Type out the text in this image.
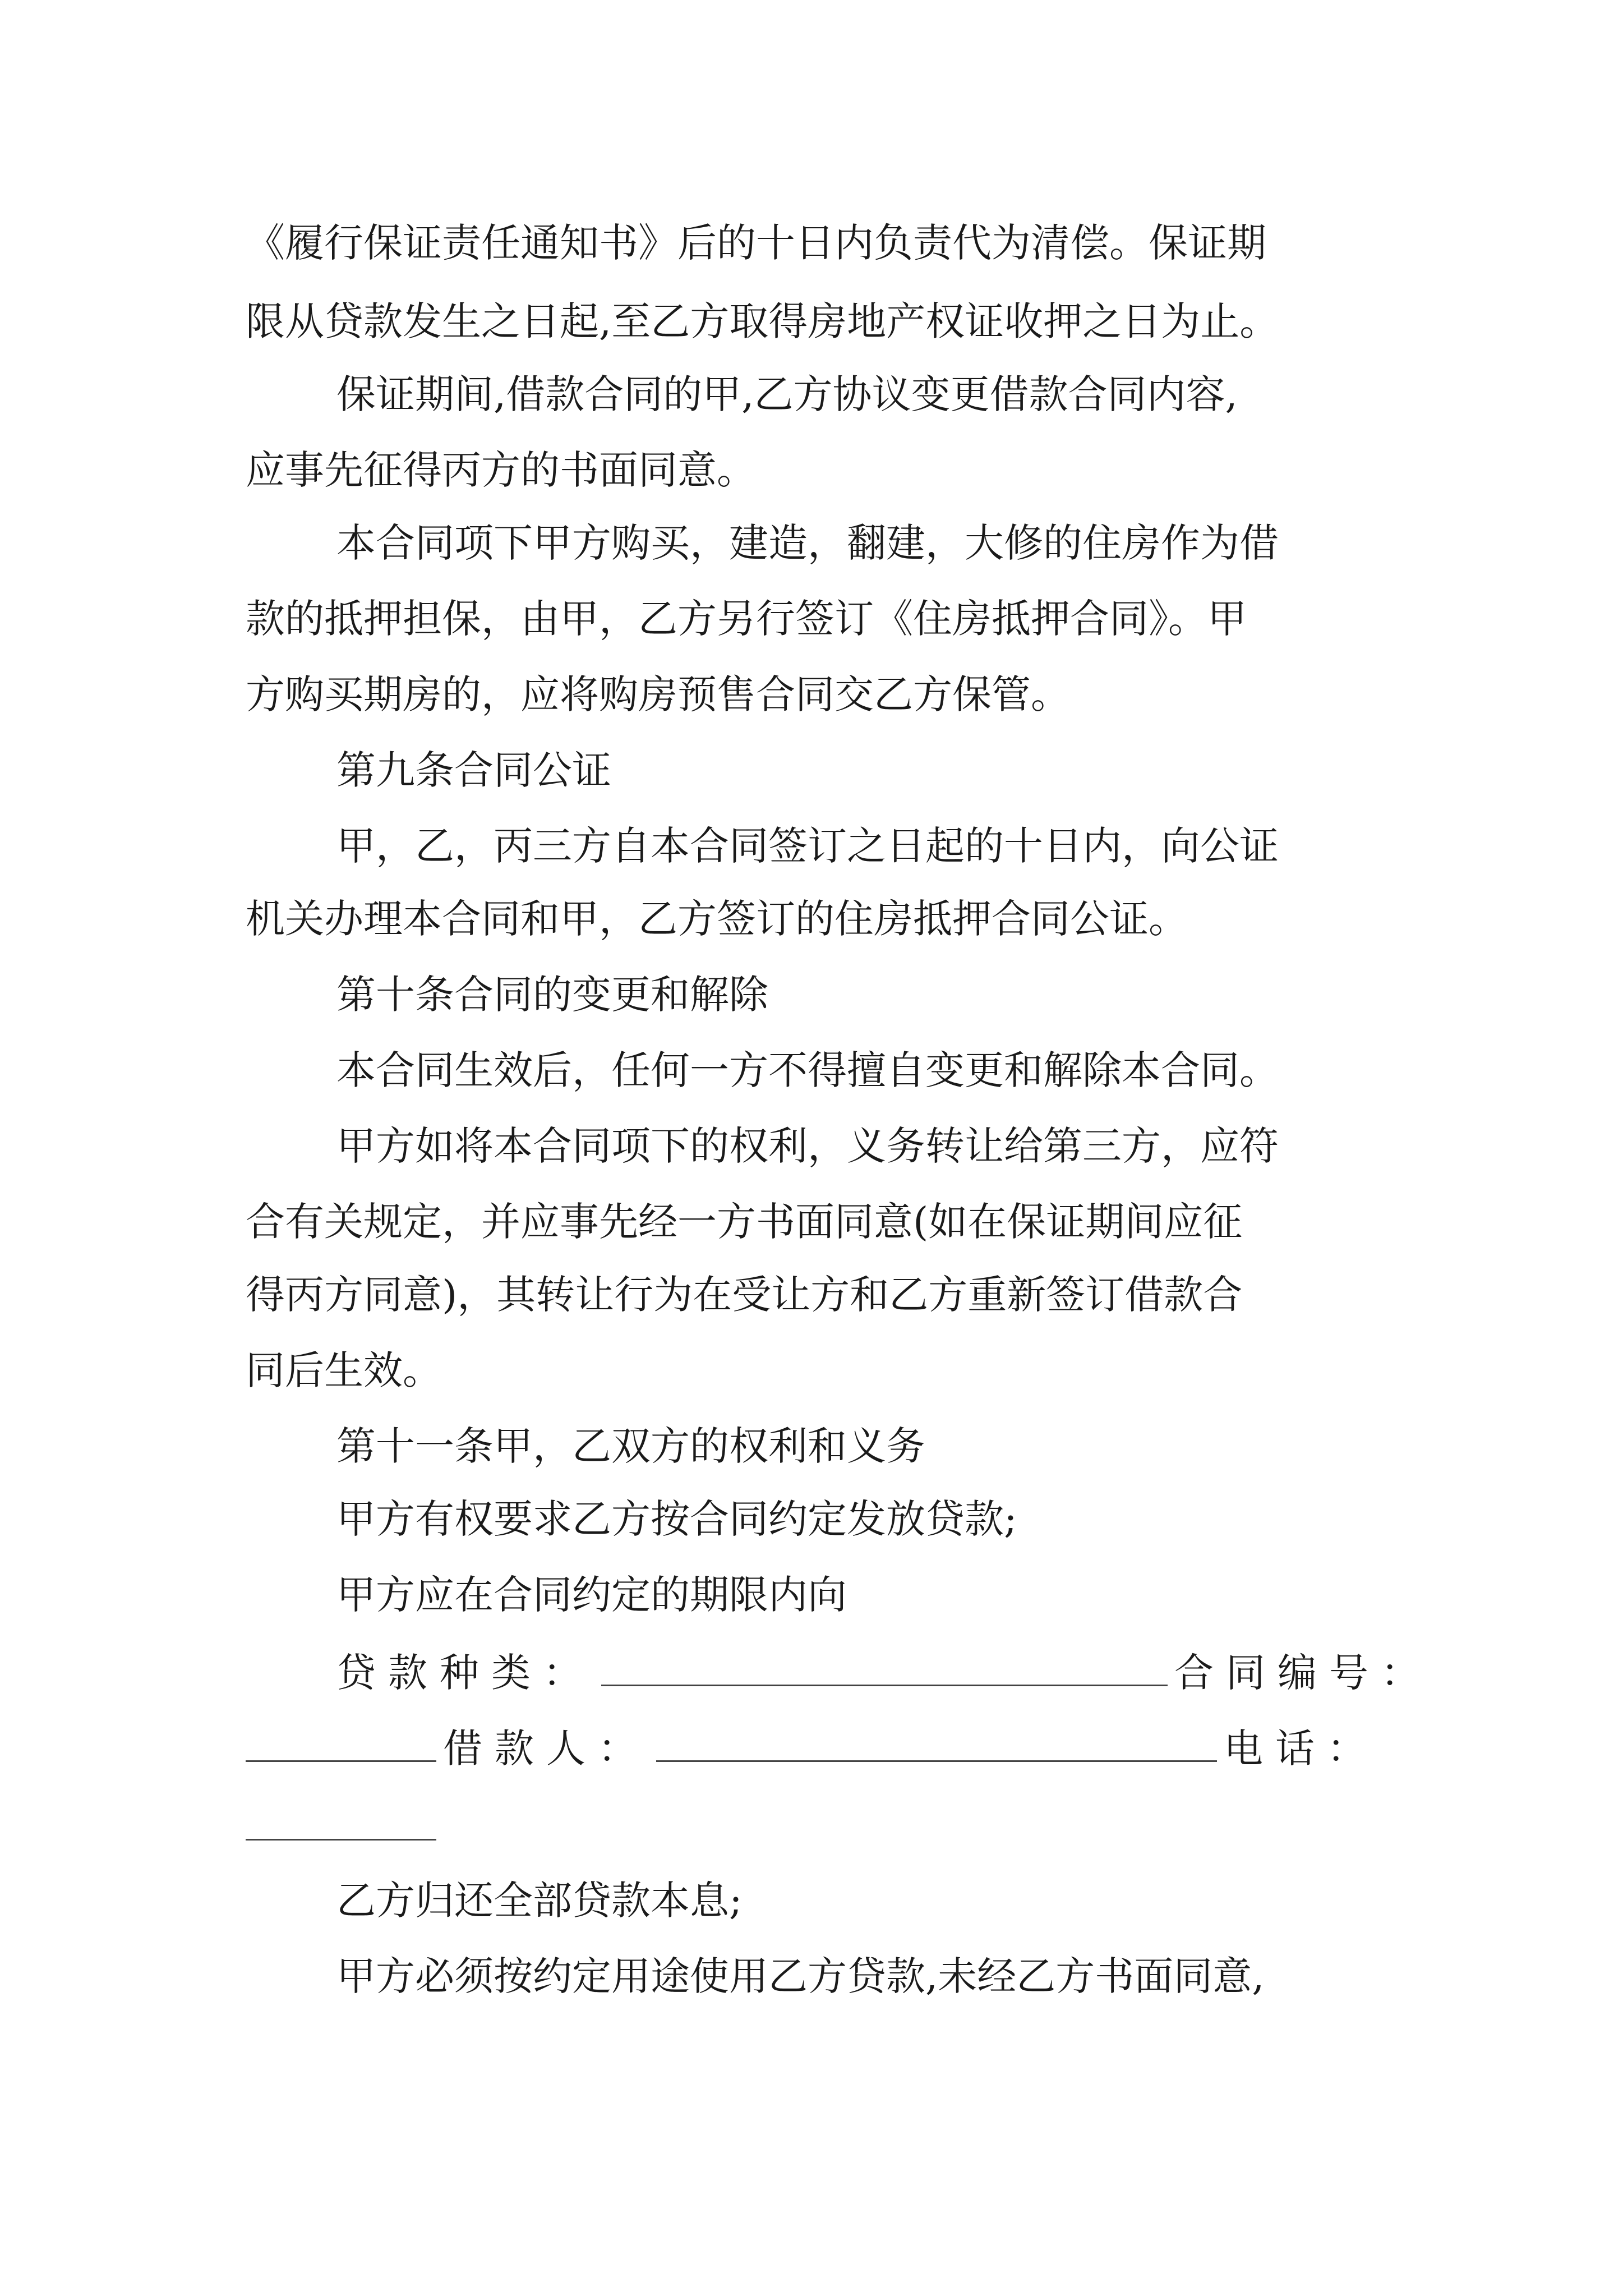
《履行保证责任通知书》后的十日内负责代为清偿。保证期
限从贷款发生之日起,至乙方取得房地产权证收押之日为止。
保证期间,借款合同的甲,乙方协议变更借款合同内容,
应事先征得丙方的书面同意。
本合同项下甲方购买，建造，翻建，大修的住房作为借
款的抵押担保，由甲，乙方另行签订《住房抵押合同》。甲
方购买期房的，应将购房预售合同交乙方保管。
第九条合同公证
甲，乙，丙三方自本合同签订之日起的十日内，向公证
机关办理本合同和甲，乙方签订的住房抵押合同公证。
第十条合同的变更和解除
本合同生效后，任何一方不得擅自变更和解除本合同。
甲方如将本合同项下的权利，义务转让给第三方，应符
合有关规定，并应事先经一方书面同意(如在保证期间应征
得丙方同意)，其转让行为在受让方和乙方重新签订借款合
同后生效。
第十一条甲，乙双方的权利和义务
甲方有权要求乙方按合同约定发放贷款;
甲方应在合同约定的期限内向
贷款种类：	合同编号：
借款人：	电话：
乙方归还全部贷款本息;
甲方必须按约定用途使用乙方贷款,未经乙方书面同意,
